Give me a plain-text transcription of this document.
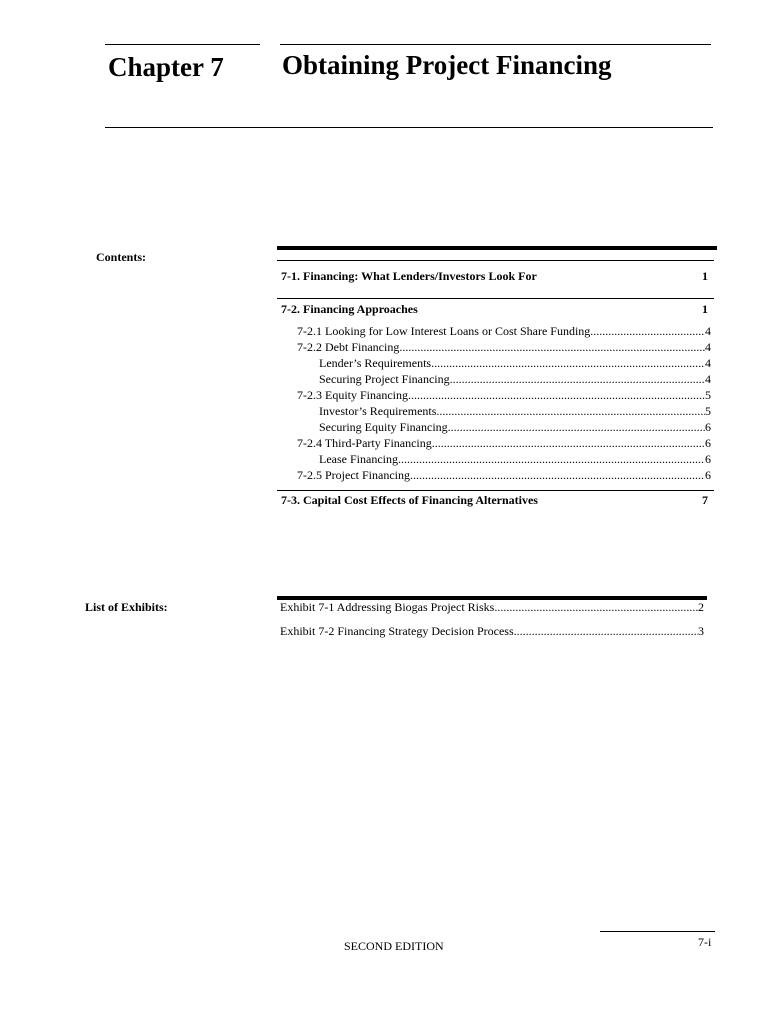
Chapter 7 Obtaining Project Financing
Contents:
7-1. Financing: What Lenders/Investors Look For	1
7-2. Financing Approaches	1
7-2.1 Looking for Low Interest Loans or Cost Share Funding .....	4
7-2.2 Debt Financing .....	4
Lender’s Requirements .....	4
Securing Project Financing .....	4
7-2.3 Equity Financing .....	5
Investor’s Requirements .....	5
Securing Equity Financing .....	6
7-2.4 Third-Party Financing .....	6
Lease Financing .....	6
7-2.5 Project Financing .....	6
7-3. Capital Cost Effects of Financing Alternatives	7
List of Exhibits:	Exhibit 7-1 Addressing Biogas Project Risks .....	2
Exhibit 7-2 Financing Strategy Decision Process .....	3
SECOND EDITION	7-i
